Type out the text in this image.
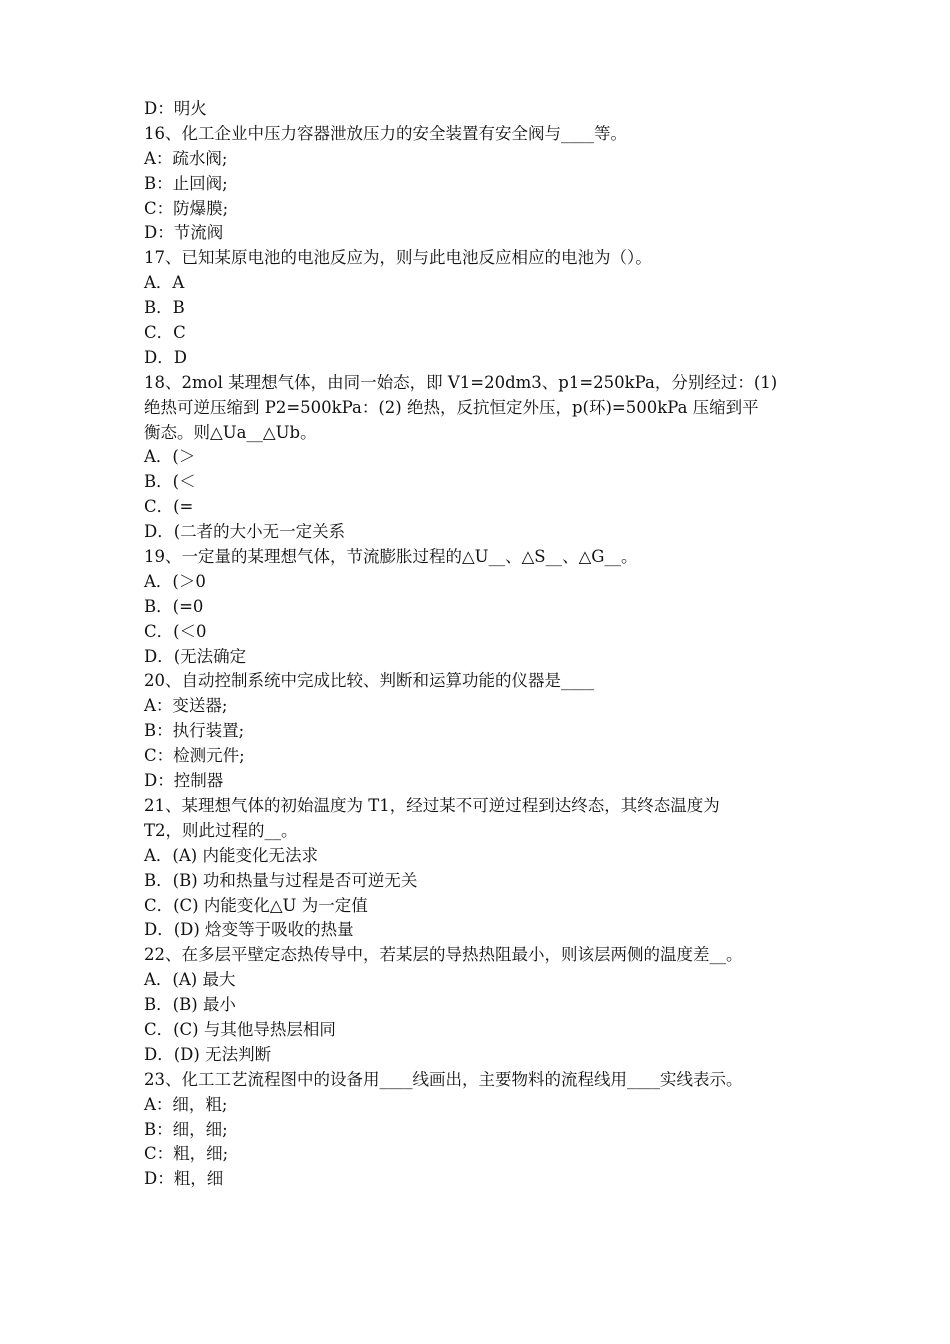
D：明火
16、化工企业中压力容器泄放压力的安全装置有安全阀与____等。
A：疏水阀;
B：止回阀;
C：防爆膜;
D：节流阀
17、已知某原电池的电池反应为，则与此电池反应相应的电池为（）。
A．A
B．B
C．C
D．D
18、2mol 某理想气体，由同一始态，即 V1=20dm3、p1=250kPa，分别经过：(1)
绝热可逆压缩到 P2=500kPa：(2) 绝热，反抗恒定外压，p(环)=500kPa 压缩到平
衡态。则△Ua__△Ub。
A．(＞
B．(＜
C．(=
D．(二者的大小无一定关系
19、一定量的某理想气体，节流膨胀过程的△U__、△S__、△G__。
A．(＞0
B．(=0
C．(＜0
D．(无法确定
20、自动控制系统中完成比较、判断和运算功能的仪器是____
A：变送器;
B：执行装置;
C：检测元件;
D：控制器
21、某理想气体的初始温度为 T1，经过某不可逆过程到达终态，其终态温度为
T2，则此过程的__。
A．(A) 内能变化无法求
B．(B) 功和热量与过程是否可逆无关
C．(C) 内能变化△U 为一定值
D．(D) 焓变等于吸收的热量
22、在多层平壁定态热传导中，若某层的导热热阻最小，则该层两侧的温度差__。
A．(A) 最大
B．(B) 最小
C．(C) 与其他导热层相同
D．(D) 无法判断
23、化工工艺流程图中的设备用____线画出，主要物料的流程线用____实线表示。
A：细，粗;
B：细，细;
C：粗，细;
D：粗，细
